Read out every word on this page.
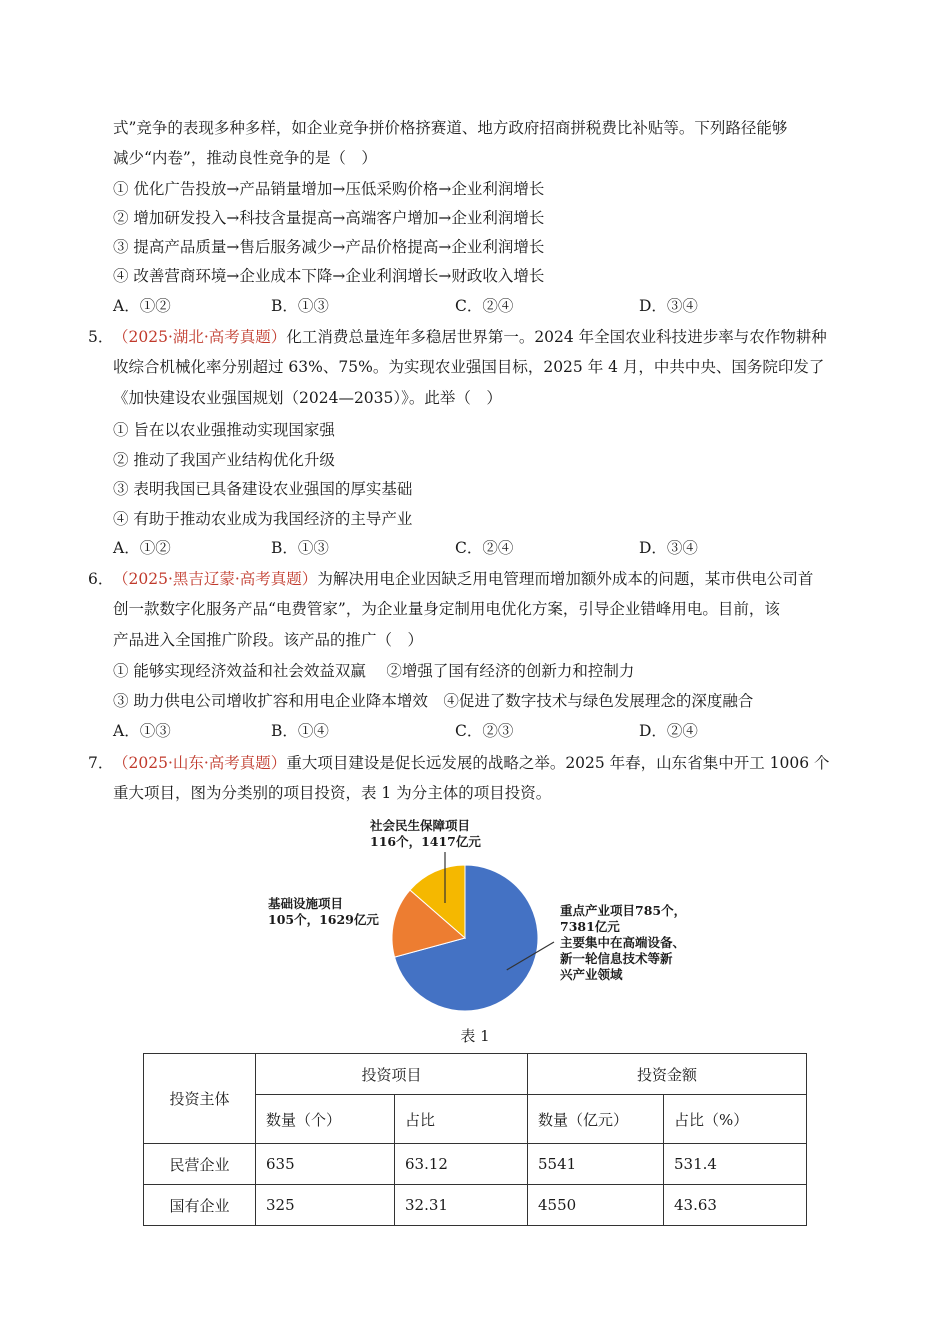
式”竞争的表现多种多样，如企业竞争拼价格挤赛道、地方政府招商拼税费比补贴等。下列路径能够
减少“内卷”，推动良性竞争的是（　）
① 优化广告投放→产品销量增加→压低采购价格→企业利润增长
② 增加研发投入→科技含量提高→高端客户增加→企业利润增长
③ 提高产品质量→售后服务减少→产品价格提高→企业利润增长
④ 改善营商环境→企业成本下降→企业利润增长→财政收入增长
A．①②	B．①③	C．②④	D．③④
5． （2025·湖北·高考真题）化工消费总量连年多稳居世界第一。2024 年全国农业科技进步率与农作物耕种
收综合机械化率分别超过 63%、75%。为实现农业强国目标，2025 年 4 月，中共中央、国务院印发了
《加快建设农业强国规划（2024—2035）》。此举（　）
① 旨在以农业强推动实现国家强
② 推动了我国产业结构优化升级
③ 表明我国已具备建设农业强国的厚实基础
④ 有助于推动农业成为我国经济的主导产业
A．①②	B．①③	C．②④	D．③④
6． （2025·黑吉辽蒙·高考真题）为解决用电企业因缺乏用电管理而增加额外成本的问题，某市供电公司首
创一款数字化服务产品“电费管家”，为企业量身定制用电优化方案，引导企业错峰用电。目前，该
产品进入全国推广阶段。该产品的推广（　）
① 能够实现经济效益和社会效益双赢　 ②增强了国有经济的创新力和控制力
③ 助力供电公司增收扩容和用电企业降本增效　④促进了数字技术与绿色发展理念的深度融合
A．①③	B．①④	C．②③	D．②④
7． （2025·山东·高考真题）重大项目建设是促长远发展的战略之举。2025 年春，山东省集中开工 1006 个
重大项目，图为分类别的项目投资，表 1 为分主体的项目投资。
社会民生保障项目
116个，1417亿元
基础设施项目
105个，1629亿元
重点产业项目785个，
7381亿元
主要集中在高端设备、
新一轮信息技术等新
兴产业领域
表 1
投资主体	投资项目		投资金额	
	数量（个）	占比	数量（亿元）	占比（%）
民营企业	635	63.12	5541	531.4
国有企业	325	32.31	4550	43.63
